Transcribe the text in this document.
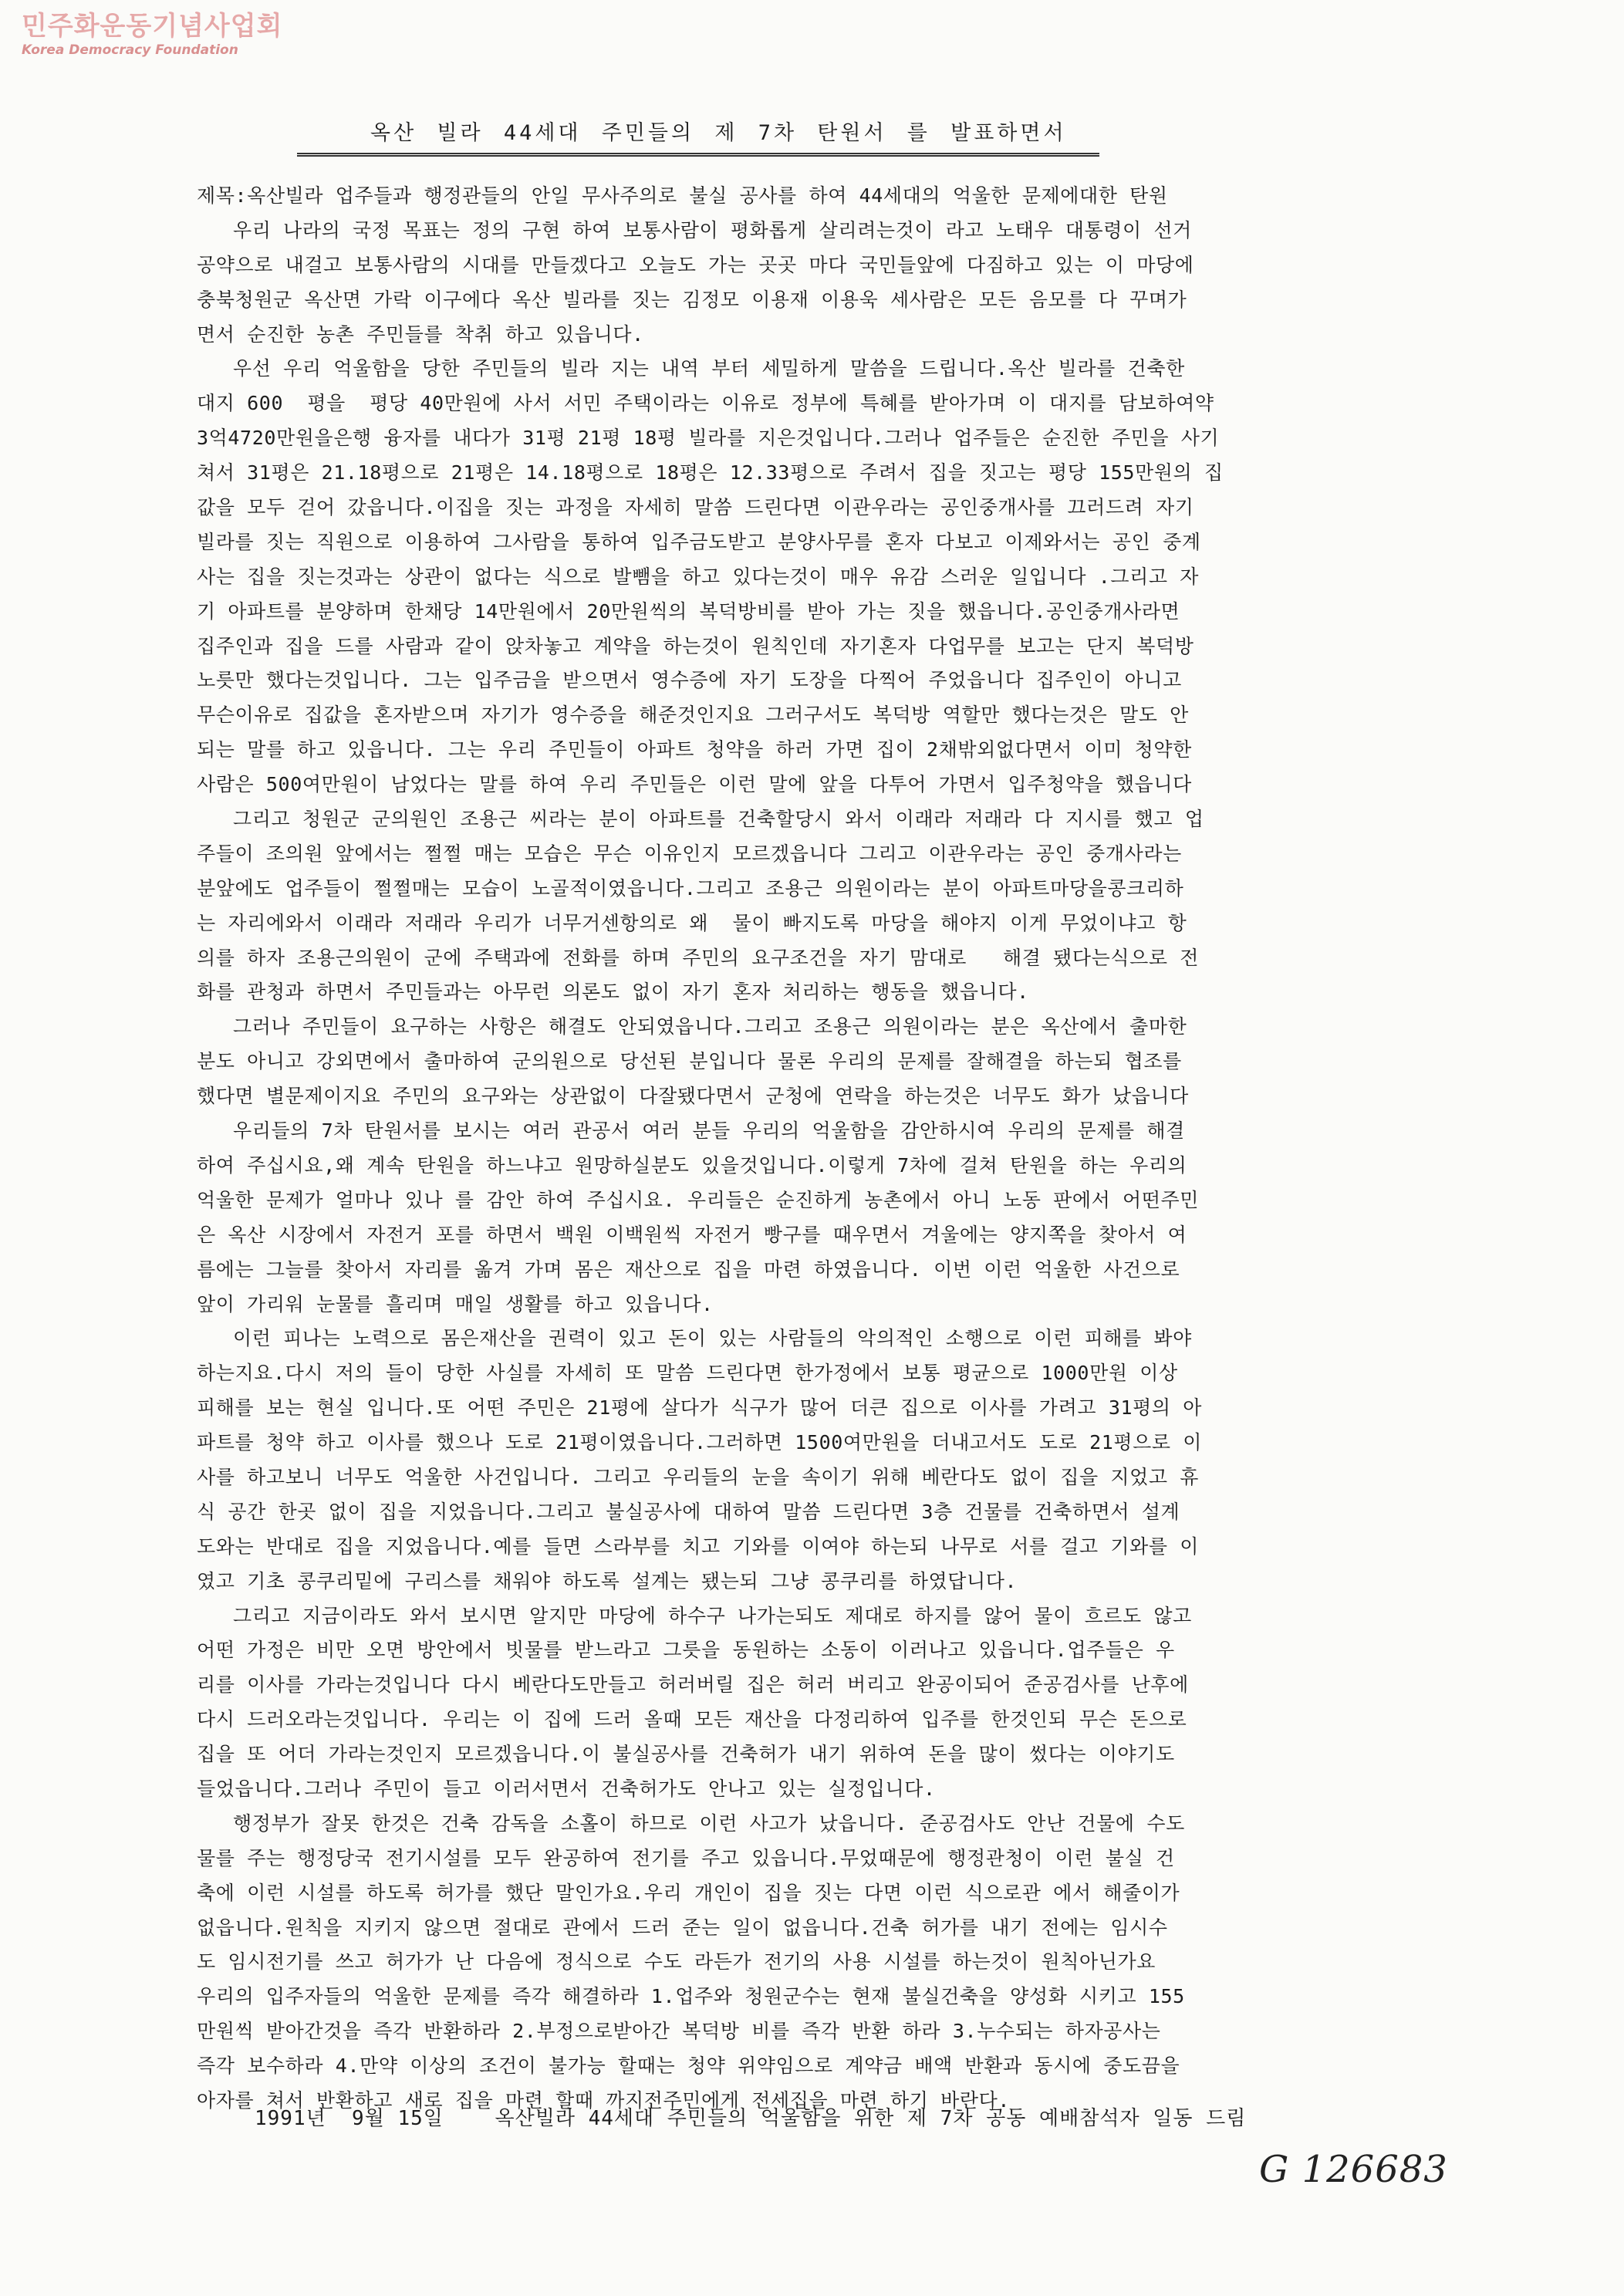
민주화운동기념사업회
Korea Democracy Foundation
옥산 빌라 44세대 주민들의 제 7차 탄원서 를 발표하면서
제목:옥산빌라 업주들과 행정관들의 안일 무사주의로 불실 공사를 하여 44세대의 억울한 문제에대한 탄원
우리 나라의 국정 목표는 정의 구현 하여 보통사람이 평화롭게 살리려는것이 라고 노태우 대통령이 선거
공약으로 내걸고 보통사람의 시대를 만들겠다고 오늘도 가는 곳곳 마다 국민들앞에 다짐하고 있는 이 마당에
충북청원군 옥산면 가락 이구에다 옥산 빌라를 짓는 김정모 이용재 이용욱 세사람은 모든 음모를 다 꾸며가
면서 순진한 농촌 주민들를 착취 하고 있읍니다.
우선 우리 억울함을 당한 주민들의 빌라 지는 내역 부터 세밀하게 말씀을 드립니다.옥산 빌라를 건축한
대지 600  평을  평당 40만원에 사서 서민 주택이라는 이유로 정부에 특혜를 받아가며 이 대지를 담보하여약
3억4720만원을은행 융자를 내다가 31평 21평 18평 빌라를 지은것입니다.그러나 업주들은 순진한 주민을 사기
쳐서 31평은 21.18평으로 21평은 14.18평으로 18평은 12.33평으로 주려서 집을 짓고는 평당 155만원의 집
값을 모두 걷어 갔읍니다.이집을 짓는 과정을 자세히 말씀 드린다면 이관우라는 공인중개사를 끄러드려 자기
빌라를 짓는 직원으로 이용하여 그사람을 통하여 입주금도받고 분양사무를 혼자 다보고 이제와서는 공인 중계
사는 집을 짓는것과는 상관이 없다는 식으로 발뺌을 하고 있다는것이 매우 유감 스러운 일입니다 .그리고 자
기 아파트를 분양하며 한채당 14만원에서 20만원씩의 복덕방비를 받아 가는 짓을 했읍니다.공인중개사라면
집주인과 집을 드를 사람과 같이 앉차놓고 계약을 하는것이 원칙인데 자기혼자 다업무를 보고는 단지 복덕방
노릇만 했다는것입니다. 그는 입주금을 받으면서 영수증에 자기 도장을 다찍어 주었읍니다 집주인이 아니고
무슨이유로 집값을 혼자받으며 자기가 영수증을 해준것인지요 그러구서도 복덕방 역할만 했다는것은 말도 안
되는 말를 하고 있읍니다. 그는 우리 주민들이 아파트 청약을 하러 가면 집이 2채밖외없다면서 이미 청약한
사람은 500여만원이 남었다는 말를 하여 우리 주민들은 이런 말에 앞을 다투어 가면서 입주청약을 했읍니다
그리고 청원군 군의원인 조용근 씨라는 분이 아파트를 건축할당시 와서 이래라 저래라 다 지시를 했고 업
주들이 조의원 앞에서는 쩔쩔 매는 모습은 무슨 이유인지 모르겠읍니다 그리고 이관우라는 공인 중개사라는
분앞에도 업주들이 쩔쩔매는 모습이 노골적이였읍니다.그리고 조용근 의원이라는 분이 아파트마당을콩크리하
는 자리에와서 이래라 저래라 우리가 너무거센항의로 왜  물이 빠지도록 마당을 해야지 이게 무었이냐고 항
의를 하자 조용근의원이 군에 주택과에 전화를 하며 주민의 요구조건을 자기 맘대로   해결 됐다는식으로 전
화를 관청과 하면서 주민들과는 아무런 의론도 없이 자기 혼자 처리하는 행동을 했읍니다.
그러나 주민들이 요구하는 사항은 해결도 안되였읍니다.그리고 조용근 의원이라는 분은 옥산에서 출마한
분도 아니고 강외면에서 출마하여 군의원으로 당선된 분입니다 물론 우리의 문제를 잘해결을 하는되 협조를
했다면 별문제이지요 주민의 요구와는 상관없이 다잘됐다면서 군청에 연락을 하는것은 너무도 화가 났읍니다
우리들의 7차 탄원서를 보시는 여러 관공서 여러 분들 우리의 억울함을 감안하시여 우리의 문제를 해결
하여 주십시요,왜 계속 탄원을 하느냐고 원망하실분도 있을것입니다.이렇게 7차에 걸쳐 탄원을 하는 우리의
억울한 문제가 얼마나 있나 를 감안 하여 주십시요. 우리들은 순진하게 농촌에서 아니 노동 판에서 어떤주민
은 옥산 시장에서 자전거 포를 하면서 백원 이백원씩 자전거 빵구를 때우면서 겨울에는 양지쪽을 찾아서 여
름에는 그늘를 찾아서 자리를 옮겨 가며 몸은 재산으로 집을 마련 하였읍니다. 이번 이런 억울한 사건으로
앞이 가리워 눈물를 흘리며 매일 생활를 하고 있읍니다.
이런 피나는 노력으로 몸은재산을 권력이 있고 돈이 있는 사람들의 악의적인 소행으로 이런 피해를 봐야
하는지요.다시 저의 들이 당한 사실를 자세히 또 말씀 드린다면 한가정에서 보통 평균으로 1000만원 이상
피해를 보는 현실 입니다.또 어떤 주민은 21평에 살다가 식구가 많어 더큰 집으로 이사를 가려고 31평의 아
파트를 청약 하고 이사를 했으나 도로 21평이였읍니다.그러하면 1500여만원을 더내고서도 도로 21평으로 이
사를 하고보니 너무도 억울한 사건입니다. 그리고 우리들의 눈을 속이기 위해 베란다도 없이 집을 지었고 휴
식 공간 한곳 없이 집을 지었읍니다.그리고 불실공사에 대하여 말씀 드린다면 3층 건물를 건축하면서 설계
도와는 반대로 집을 지었읍니다.예를 들면 스라부를 치고 기와를 이여야 하는되 나무로 서를 걸고 기와를 이
였고 기초 콩쿠리밑에 구리스를 채워야 하도록 설계는 됐는되 그냥 콩쿠리를 하였답니다.
그리고 지금이라도 와서 보시면 알지만 마당에 하수구 나가는되도 제대로 하지를 않어 물이 흐르도 않고
어떤 가정은 비만 오면 방안에서 빗물를 받느라고 그릇을 동원하는 소동이 이러나고 있읍니다.업주들은 우
리를 이사를 가라는것입니다 다시 베란다도만들고 허러버릴 집은 허러 버리고 완공이되어 준공검사를 난후에
다시 드러오라는것입니다. 우리는 이 집에 드러 올때 모든 재산을 다정리하여 입주를 한것인되 무슨 돈으로
집을 또 어더 가라는것인지 모르겠읍니다.이 불실공사를 건축허가 내기 위하여 돈을 많이 썼다는 이야기도
들었읍니다.그러나 주민이 들고 이러서면서 건축허가도 안나고 있는 실정입니다.
행정부가 잘못 한것은 건축 감독을 소홀이 하므로 이런 사고가 났읍니다. 준공검사도 안난 건물에 수도
물를 주는 행정당국 전기시설를 모두 완공하여 전기를 주고 있읍니다.무었때문에 행정관청이 이런 불실 건
축에 이런 시설를 하도록 허가를 했단 말인가요.우리 개인이 집을 짓는 다면 이런 식으로관 에서 해줄이가
없읍니다.원칙을 지키지 않으면 절대로 관에서 드러 준는 일이 없읍니다.건축 허가를 내기 전에는 임시수
도 임시전기를 쓰고 허가가 난 다음에 정식으로 수도 라든가 전기의 사용 시설를 하는것이 원칙아닌가요
우리의 입주자들의 억울한 문제를 즉각 해결하라 1.업주와 청원군수는 현재 불실건축을 양성화 시키고 155
만원씩 받아간것을 즉각 반환하라 2.부정으로받아간 복덕방 비를 즉각 반환 하라 3.누수되는 하자공사는
즉각 보수하라 4.만약 이상의 조건이 불가능 할때는 청약 위약임으로 계약금 배액 반환과 동시에 중도끔을
아자를 쳐서 반환하고 새로 집을 마련 할때 까지전주민에게 전세집을 마련 하기 바란다.
1991년  9월 15일    옥산빌라 44세대 주민들의 억울함을 위한 제 7차 공동 예배참석자 일동 드림
G 126683
